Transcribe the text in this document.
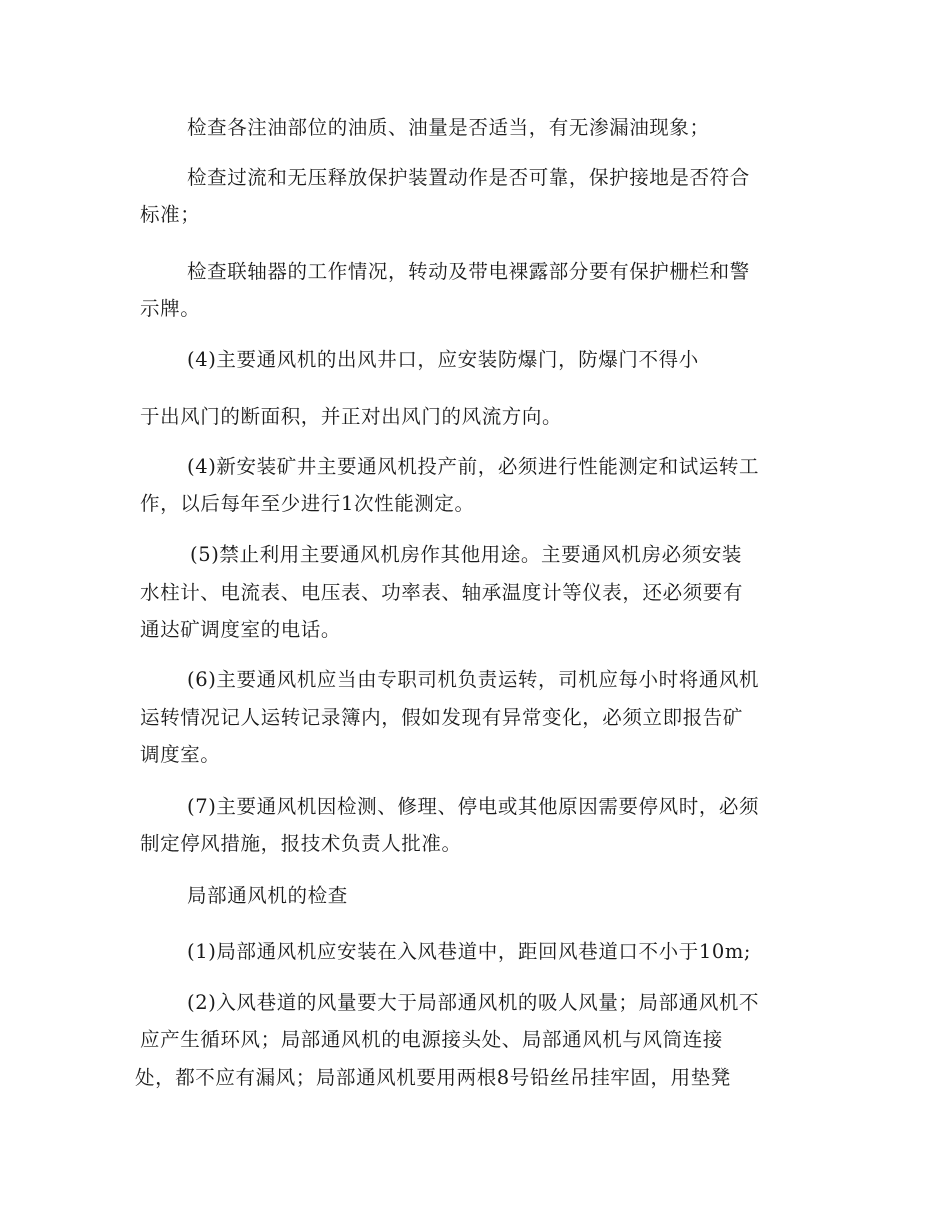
检查各注油部位的油质、油量是否适当，有无渗漏油现象；
检查过流和无压释放保护装置动作是否可靠，保护接地是否符合
标准；
检查联轴器的工作情况，转动及带电裸露部分要有保护栅栏和警
示牌。
(4)主要通风机的出风井口，应安装防爆门，防爆门不得小
于出风门的断面积，并正对出风门的风流方向。
(4)新安装矿井主要通风机投产前，必须进行性能测定和试运转工
作，以后每年至少进行1次性能测定。
(5)禁止利用主要通风机房作其他用途。主要通风机房必须安装
水柱计、电流表、电压表、功率表、轴承温度计等仪表，还必须要有
通达矿调度室的电话。
(6)主要通风机应当由专职司机负责运转，司机应每小时将通风机
运转情况记人运转记录簿内，假如发现有异常变化，必须立即报告矿
调度室。
(7)主要通风机因检测、修理、停电或其他原因需要停风时，必须
制定停风措施，报技术负责人批准。
局部通风机的检查
(1)局部通风机应安装在入风巷道中，距回风巷道口不小于10m;
(2)入风巷道的风量要大于局部通风机的吸人风量；局部通风机不
应产生循环风；局部通风机的电源接头处、局部通风机与风筒连接
处，都不应有漏风；局部通风机要用两根8号铅丝吊挂牢固，用垫凳
